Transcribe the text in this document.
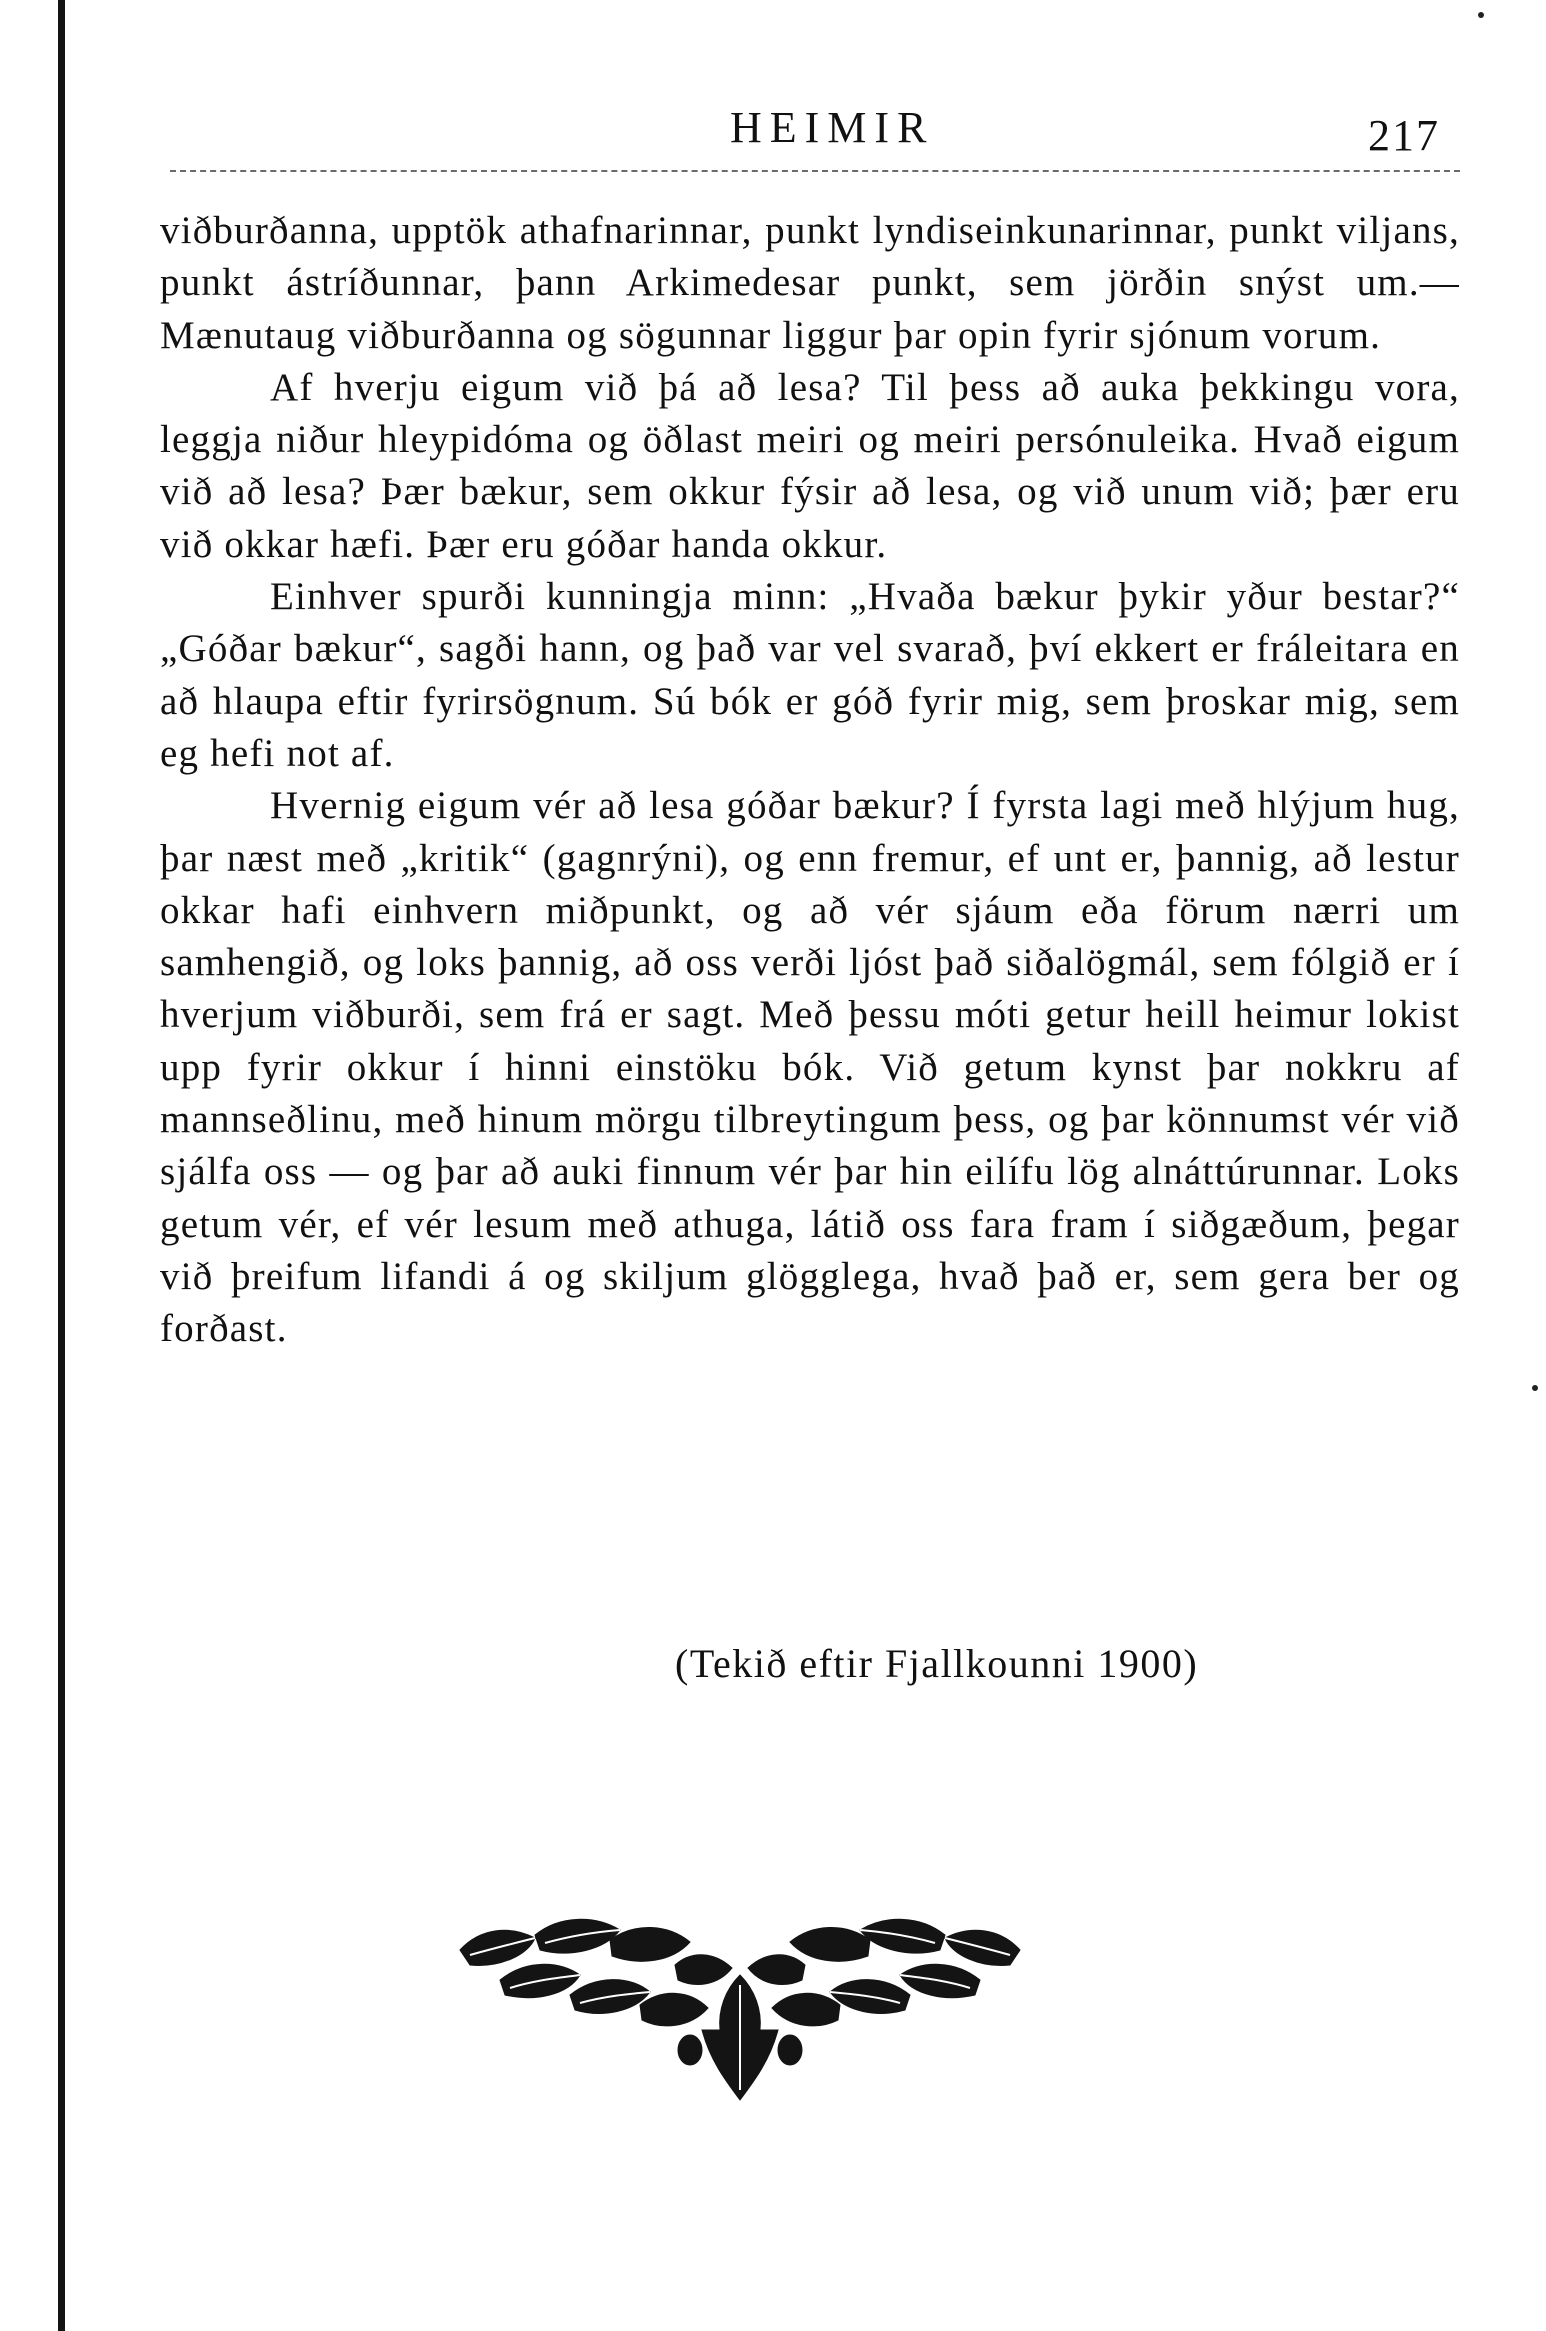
HEIMIR	217

viðburðanna, upptök athafnarinnar, punkt lyndiseinkunarinnar, punkt viljans, punkt ástríðunnar, þann Arkimedesar punkt, sem jörðin snýst um.— Mænutaug viðburðanna og sögunnar liggur þar opin fyrir sjónum vorum.

Af hverju eigum við þá að lesa? Til þess að auka þekkingu vora, leggja niður hleypidóma og öðlast meiri og meiri persónuleika. Hvað eigum við að lesa? Þær bækur, sem okkur fýsir að lesa, og við unum við; þær eru við okkar hæfi. Þær eru góðar handa okkur.

Einhver spurði kunningja minn: „Hvaða bækur þykir yður bestar?“ „Góðar bækur“, sagði hann, og það var vel svarað, því ekkert er fráleitara en að hlaupa eftir fyrirsögnum. Sú bók er góð fyrir mig, sem þroskar mig, sem eg hefi not af.

Hvernig eigum vér að lesa góðar bækur? Í fyrsta lagi með hlýjum hug, þar næst með „kritik“ (gagnrýni), og enn fremur, ef unt er, þannig, að lestur okkar hafi einhvern miðpunkt, og að vér sjáum eða förum nærri um samhengið, og loks þannig, að oss verði ljóst það siðalögmál, sem fólgið er í hverjum viðburði, sem frá er sagt. Með þessu móti getur heill heimur lokist upp fyrir okkur í hinni einstöku bók. Við getum kynst þar nokkru af mannseðlinu, með hinum mörgu tilbreytingum þess, og þar könnumst vér við sjálfa oss — og þar að auki finnum vér þar hin eilífu lög alnáttúrunnar. Loks getum vér, ef vér lesum með athuga, látið oss fara fram í siðgæðum, þegar við þreifum lifandi á og skiljum glögglega, hvað það er, sem gera ber og forðast.

(Tekið eftir Fjallkounni 1900)
